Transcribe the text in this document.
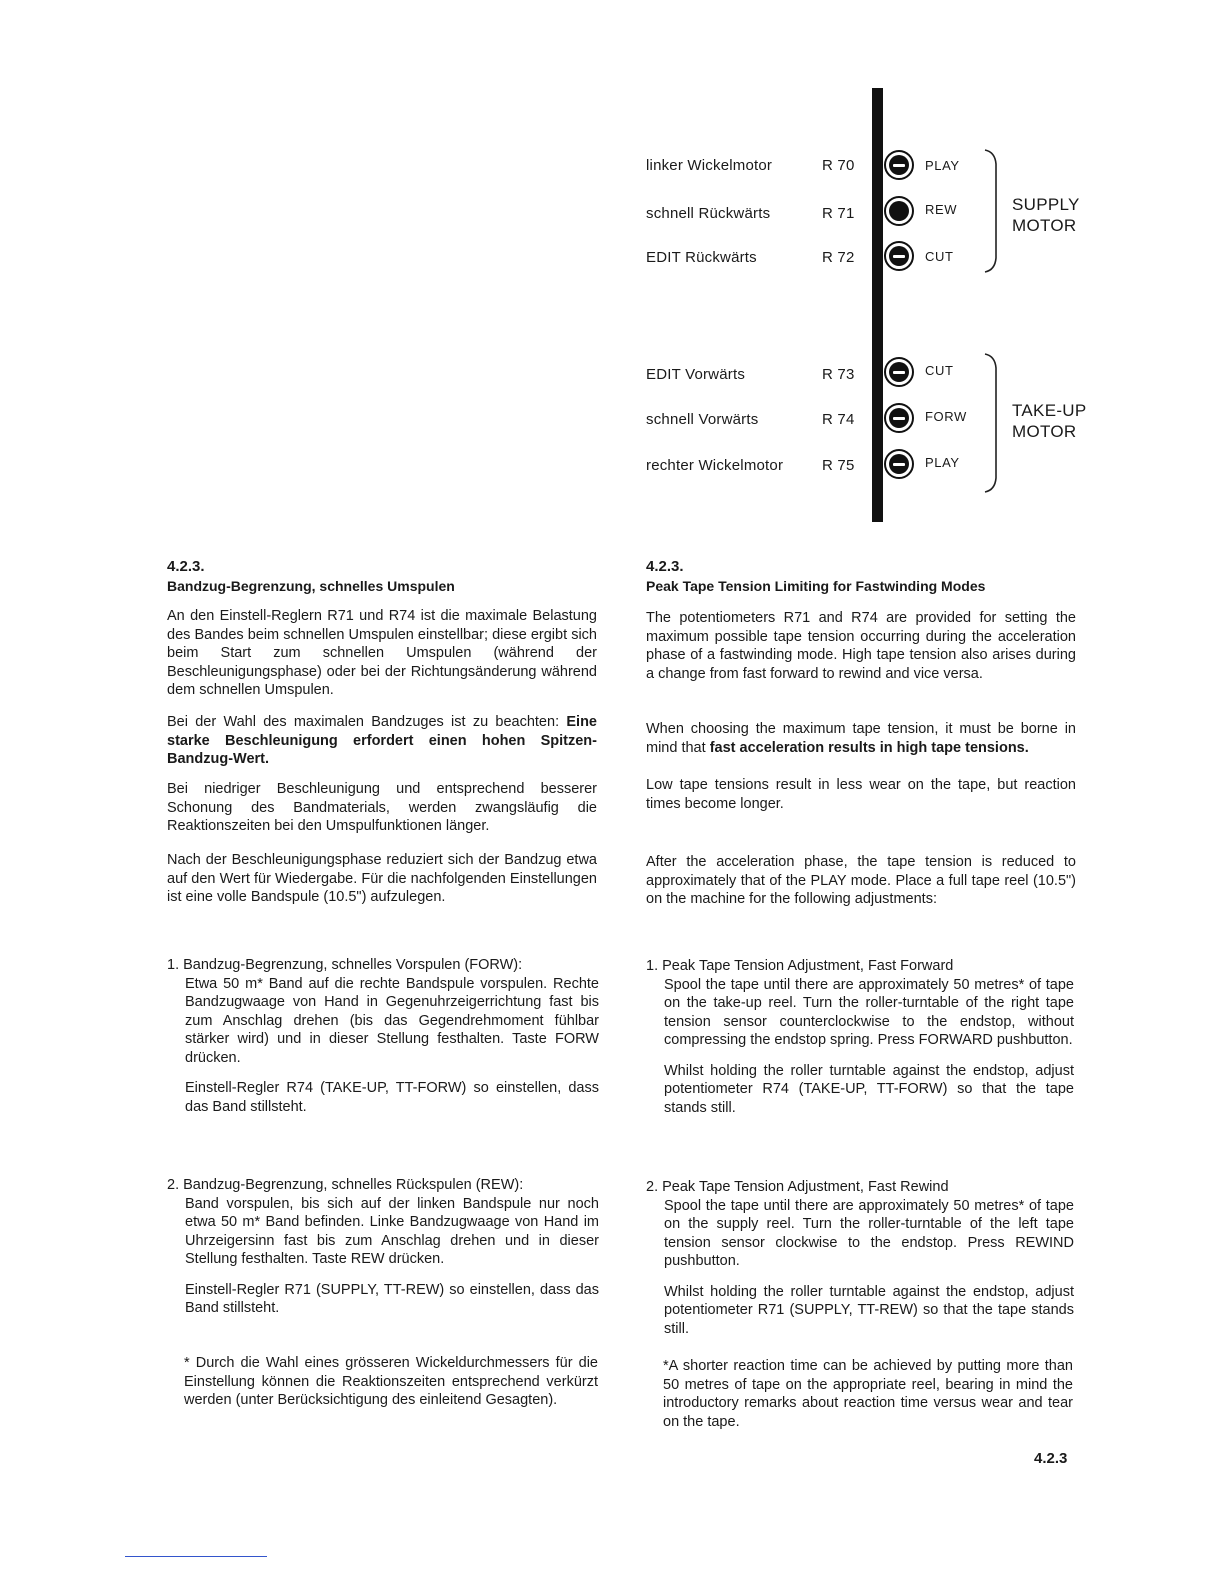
linker Wickelmotor	R 70	PLAY
schnell Rückwärts	R 71	REW
EDIT Rückwärts	R 72	CUT
SUPPLY
MOTOR
EDIT Vorwärts	R 73	CUT
schnell Vorwärts	R 74	FORW
rechter Wickelmotor	R 75	PLAY
TAKE-UP
MOTOR
4.2.3.
Bandzug-Begrenzung, schnelles Umspulen
An den Einstell-Reglern R71 und R74 ist die maximale Belastung des Bandes beim schnellen Umspulen einstellbar; diese ergibt sich beim Start zum schnellen Umspulen (während der Beschleunigungsphase) oder bei der Richtungsänderung während dem schnellen Umspulen.
Bei der Wahl des maximalen Bandzuges ist zu beachten: Eine starke Beschleunigung erfordert einen hohen Spitzen-Bandzug-Wert.
Bei niedriger Beschleunigung und entsprechend besserer Schonung des Bandmaterials, werden zwangsläufig die Reaktionszeiten bei den Umspulfunktionen länger.
Nach der Beschleunigungsphase reduziert sich der Bandzug etwa auf den Wert für Wiedergabe. Für die nachfolgenden Einstellungen ist eine volle Bandspule (10.5") aufzulegen.
1. Bandzug-Begrenzung, schnelles Vorspulen (FORW):
Etwa 50 m* Band auf die rechte Bandspule vorspulen. Rechte Bandzugwaage von Hand in Gegenuhrzeigerrichtung fast bis zum Anschlag drehen (bis das Gegendrehmoment fühlbar stärker wird) und in dieser Stellung festhalten. Taste FORW drücken.
Einstell-Regler R74 (TAKE-UP, TT-FORW) so einstellen, dass das Band stillsteht.
2. Bandzug-Begrenzung, schnelles Rückspulen (REW):
Band vorspulen, bis sich auf der linken Bandspule nur noch etwa 50 m* Band befinden. Linke Bandzugwaage von Hand im Uhrzeigersinn fast bis zum Anschlag drehen und in dieser Stellung festhalten. Taste REW drücken.
Einstell-Regler R71 (SUPPLY, TT-REW) so einstellen, dass das Band stillsteht.
* Durch die Wahl eines grösseren Wickeldurchmessers für die Einstellung können die Reaktionszeiten entsprechend verkürzt werden (unter Berücksichtigung des einleitend Gesagten).
4.2.3.
Peak Tape Tension Limiting for Fastwinding Modes
The potentiometers R71 and R74 are provided for setting the maximum possible tape tension occurring during the acceleration phase of a fastwinding mode. High tape tension also arises during a change from fast forward to rewind and vice versa.
When choosing the maximum tape tension, it must be borne in mind that fast acceleration results in high tape tensions.
Low tape tensions result in less wear on the tape, but reaction times become longer.
After the acceleration phase, the tape tension is reduced to approximately that of the PLAY mode. Place a full tape reel (10.5") on the machine for the following adjustments:
1. Peak Tape Tension Adjustment, Fast Forward
Spool the tape until there are approximately 50 metres* of tape on the take-up reel. Turn the roller-turntable of the right tape tension sensor counterclockwise to the endstop, without compressing the endstop spring. Press FORWARD pushbutton.
Whilst holding the roller turntable against the endstop, adjust potentiometer R74 (TAKE-UP, TT-FORW) so that the tape stands still.
2. Peak Tape Tension Adjustment, Fast Rewind
Spool the tape until there are approximately 50 metres* of tape on the supply reel. Turn the roller-turntable of the left tape tension sensor clockwise to the endstop. Press REWIND pushbutton.
Whilst holding the roller turntable against the endstop, adjust potentiometer R71 (SUPPLY, TT-REW) so that the tape stands still.
*A shorter reaction time can be achieved by putting more than 50 metres of tape on the appropriate reel, bearing in mind the introductory remarks about reaction time versus wear and tear on the tape.
4.2.3
